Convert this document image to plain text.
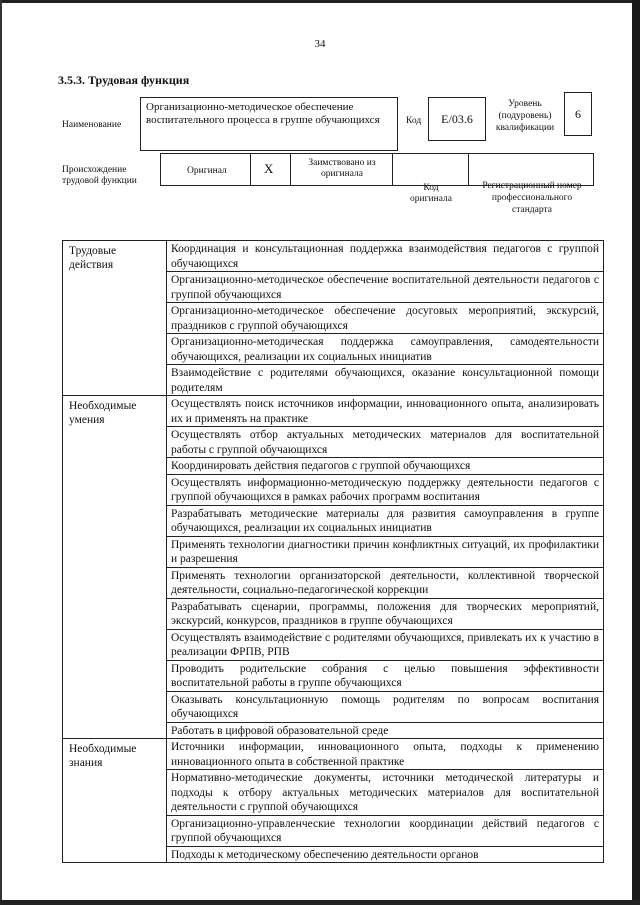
34
3.5.3. Трудовая функция
Наименование
Организационно-методическое обеспечение воспитательного процесса в группе обучающихся	Код	E/03.6
Уровень
(подуровень)
квалификации
6
Происхождение
трудовой функции
Оригинал	X	Заимствовано из
оригинала
Код
оригинала
Регистрационный номер
профессионального
стандарта
Трудовые действия	Координация и консультационная поддержка взаимодействия педагогов с группой обучающихся
	Организационно-методическое обеспечение воспитательной деятельности педагогов с группой обучающихся
	Организационно-методическое обеспечение досуговых мероприятий, экскурсий, праздников с группой обучающихся
	Организационно-методическая поддержка самоуправления, самодеятельности обучающихся, реализации их социальных инициатив
	Взаимодействие с родителями обучающихся, оказание консультационной помощи родителям
Необходимые умения	Осуществлять поиск источников информации, инновационного опыта, анализировать их и применять на практике
	Осуществлять отбор актуальных методических материалов для воспитательной работы с группой обучающихся
	Координировать действия педагогов с группой обучающихся
	Осуществлять информационно-методическую поддержку деятельности педагогов с группой обучающихся в рамках рабочих программ воспитания
	Разрабатывать методические материалы для развития самоуправления в группе обучающихся, реализации их социальных инициатив
	Применять технологии диагностики причин конфликтных ситуаций, их профилактики и разрешения
	Применять технологии организаторской деятельности, коллективной творческой деятельности, социально-педагогической коррекции
	Разрабатывать сценарии, программы, положения для творческих мероприятий, экскурсий, конкурсов, праздников в группе обучающихся
	Осуществлять взаимодействие с родителями обучающихся, привлекать их к участию в реализации ФРПВ, РПВ
	Проводить родительские собрания с целью повышения эффективности воспитательной работы в группе обучающихся
	Оказывать консультационную помощь родителям по вопросам воспитания обучающихся
	Работать в цифровой образовательной среде
Необходимые знания	Источники информации, инновационного опыта, подходы к применению инновационного опыта в собственной практике
	Нормативно-методические документы, источники методической литературы и подходы к отбору актуальных методических материалов для воспитательной деятельности с группой обучающихся
	Организационно-управленческие технологии координации действий педагогов с группой обучающихся
	Подходы к методическому обеспечению деятельности органов
